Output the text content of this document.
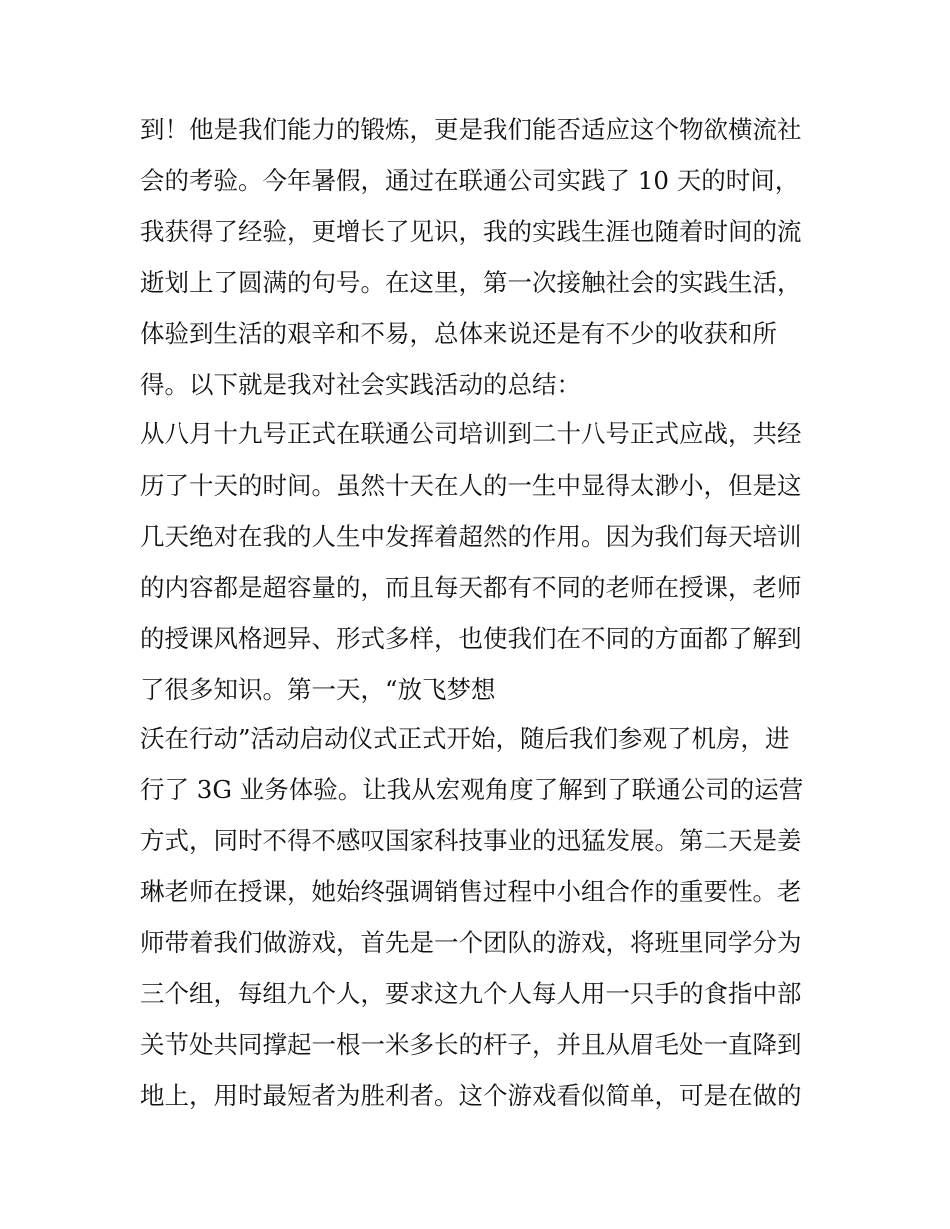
到！他是我们能力的锻炼，更是我们能否适应这个物欲横流社
会的考验。今年暑假，通过在联通公司实践了 10 天的时间，
我获得了经验，更增长了见识，我的实践生涯也随着时间的流
逝划上了圆满的句号。在这里，第一次接触社会的实践生活，
体验到生活的艰辛和不易，总体来说还是有不少的收获和所
得。以下就是我对社会实践活动的总结：
从八月十九号正式在联通公司培训到二十八号正式应战，共经
历了十天的时间。虽然十天在人的一生中显得太渺小，但是这
几天绝对在我的人生中发挥着超然的作用。因为我们每天培训
的内容都是超容量的，而且每天都有不同的老师在授课，老师
的授课风格迥异、形式多样，也使我们在不同的方面都了解到
了很多知识。第一天，“放飞梦想
沃在行动”活动启动仪式正式开始，随后我们参观了机房，进
行了 3G 业务体验。让我从宏观角度了解到了联通公司的运营
方式，同时不得不感叹国家科技事业的迅猛发展。第二天是姜
琳老师在授课，她始终强调销售过程中小组合作的重要性。老
师带着我们做游戏，首先是一个团队的游戏，将班里同学分为
三个组，每组九个人，要求这九个人每人用一只手的食指中部
关节处共同撑起一根一米多长的杆子，并且从眉毛处一直降到
地上，用时最短者为胜利者。这个游戏看似简单，可是在做的
